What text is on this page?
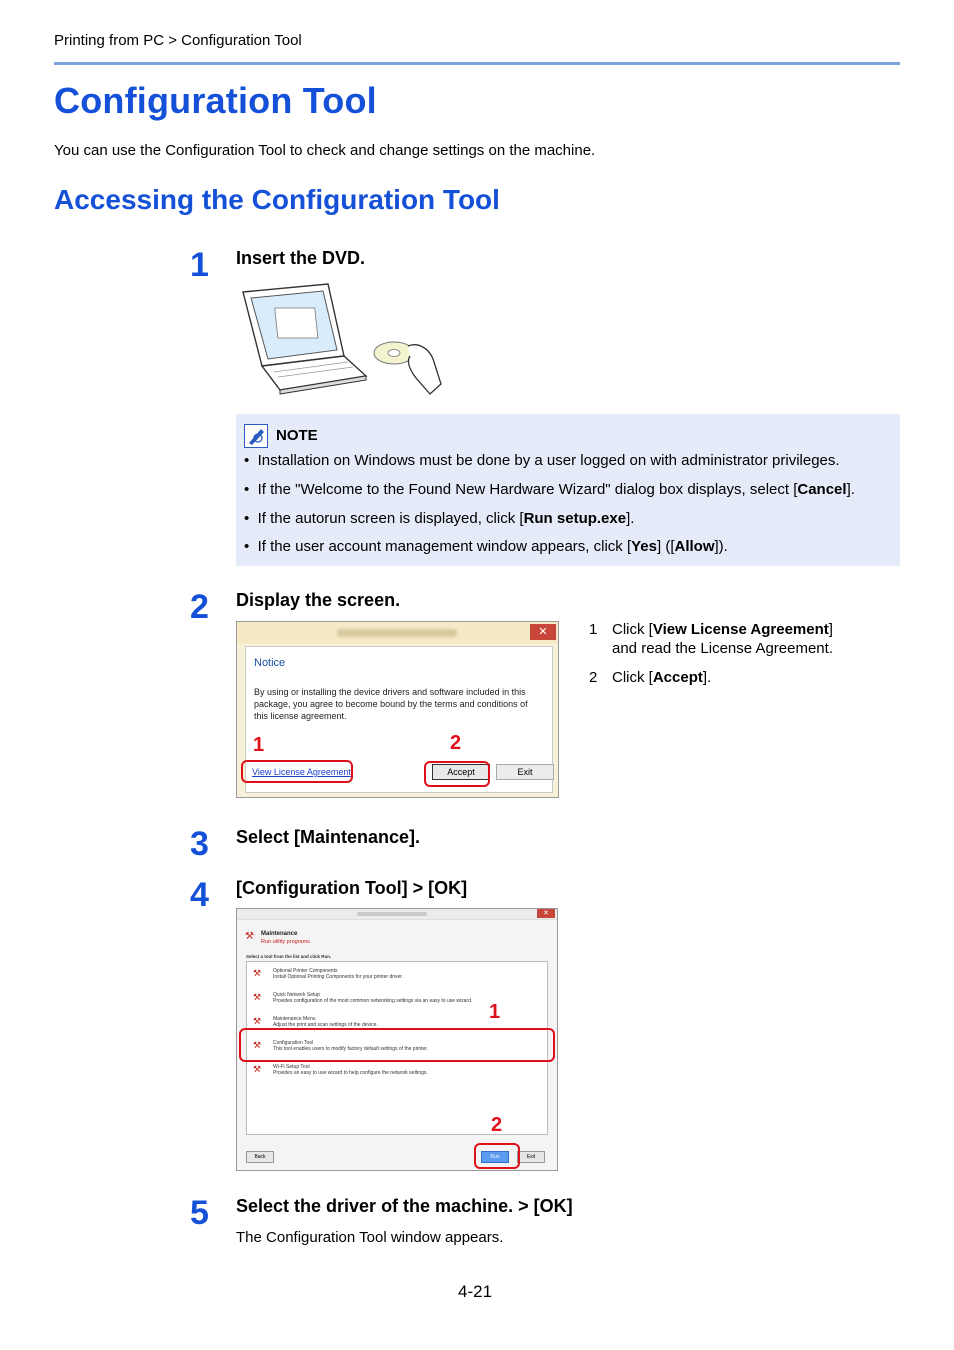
Printing from PC > Configuration Tool
Configuration Tool
You can use the Configuration Tool to check and change settings on the machine.
Accessing the Configuration Tool
1 Insert the DVD.
NOTE
•  Installation on Windows must be done by a user logged on with administrator privileges.
•  If the "Welcome to the Found New Hardware Wizard" dialog box displays, select [Cancel].
•  If the autorun screen is displayed, click [Run setup.exe].
•  If the user account management window appears, click [Yes] ([Allow]).
2 Display the screen.
✕
Notice
By using or installing the device drivers and software included in this
package, you agree to become bound by the terms and conditions of
this license agreement.
View License Agreement	Accept	Exit
1	2
1 Click [View License Agreement]
and read the License Agreement.
2 Click [Accept].
3 Select [Maintenance].
4 [Configuration Tool] > [OK]
✕
⚒ Maintenance
Run utility programs
Select a tool from the list and click Run.
⚒ Optional Printer Components
Install Optional Printing Components for your printer driver.
⚒ Quick Network Setup
Provides configuration of the most common networking settings via an easy to use wizard.
⚒ Maintenance Menu
Adjust the print and scan settings of the device.
⚒ Configuration Tool
This tool enables users to modify factory default settings of the printer.
⚒ Wi-Fi Setup Tool
Provides an easy to use wizard to help configure the network settings.
Back	Run	Exit
1
2
5 Select the driver of the machine. > [OK]
The Configuration Tool window appears.
4-21
